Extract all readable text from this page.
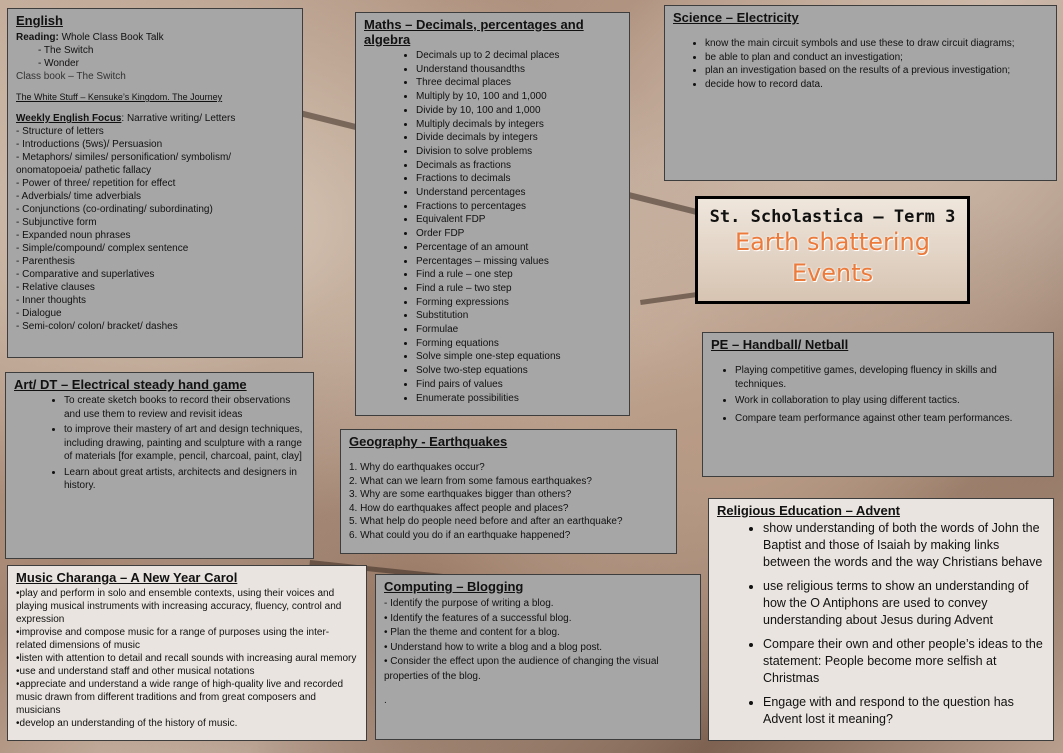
English
Reading: Whole Class Book Talk
- The Switch
- Wonder
Class book – The Switch
The White Stuff – Kensuke’s Kingdom. The Journey
Weekly English Focus: Narrative writing/ Letters
- Structure of letters
- Introductions (5ws)/ Persuasion
- Metaphors/ similes/ personification/ symbolism/
onomatopoeia/ pathetic fallacy
- Power of three/ repetition for effect
- Adverbials/ time adverbials
- Conjunctions (co-ordinating/ subordinating)
- Subjunctive form
- Expanded noun phrases
- Simple/compound/ complex sentence
- Parenthesis
- Comparative and superlatives
- Relative clauses
- Inner thoughts
- Dialogue
- Semi-colon/ colon/ bracket/ dashes
Maths – Decimals, percentages and algebra
• Decimals up to 2 decimal places
• Understand thousandths
• Three decimal places
• Multiply by 10, 100 and 1,000
• Divide by 10, 100 and 1,000
• Multiply decimals by integers
• Divide decimals by integers
• Division to solve problems
• Decimals as fractions
• Fractions to decimals
• Understand percentages
• Fractions to percentages
• Equivalent FDP
• Order FDP
• Percentage of an amount
• Percentages – missing values
• Find a rule – one step
• Find a rule – two step
• Forming expressions
• Substitution
• Formulae
• Forming equations
• Solve simple one-step equations
• Solve two-step equations
• Find pairs of values
• Enumerate possibilities
Science – Electricity
• know the main circuit symbols and use these to draw circuit diagrams;
• be able to plan and conduct an investigation;
• plan an investigation based on the results of a previous investigation;
• decide how to record data.
St. Scholastica – Term 3
Earth shattering
Events
PE – Handball/ Netball
• Playing competitive games, developing fluency in skills and techniques.
• Work in collaboration to play using different tactics.
• Compare team performance against other team performances.
Art/ DT – Electrical steady hand game
• To create sketch books to record their observations and use them to review and revisit ideas
• to improve their mastery of art and design techniques, including drawing, painting and sculpture with a range of materials [for example, pencil, charcoal, paint, clay]
• Learn about great artists, architects and designers in history.
Geography - Earthquakes
1. Why do earthquakes occur?
2. What can we learn from some famous earthquakes?
3. Why are some earthquakes bigger than others?
4. How do earthquakes affect people and places?
5. What help do people need before and after an earthquake?
6. What could you do if an earthquake happened?
Religious Education – Advent
• show understanding of both the words of John the Baptist and those of Isaiah by making links between the words and the way Christians behave
• use religious terms to show an understanding of how the O Antiphons are used to convey understanding about Jesus during Advent
• Compare their own and other people’s ideas to the statement: People become more selfish at Christmas
• Engage with and respond to the question has Advent lost it meaning?
Music Charanga – A New Year Carol
•play and perform in solo and ensemble contexts, using their voices and playing musical instruments with increasing accuracy, fluency, control and expression
•improvise and compose music for a range of purposes using the inter-related dimensions of music
•listen with attention to detail and recall sounds with increasing aural memory
•use and understand staff and other musical notations
•appreciate and understand a wide range of high-quality live and recorded music drawn from different traditions and from great composers and musicians
•develop an understanding of the history of music.
Computing – Blogging
- Identify the purpose of writing a blog.
• Identify the features of a successful blog.
• Plan the theme and content for a blog.
• Understand how to write a blog and a blog post.
• Consider the effect upon the audience of changing the visual properties of the blog.
.
